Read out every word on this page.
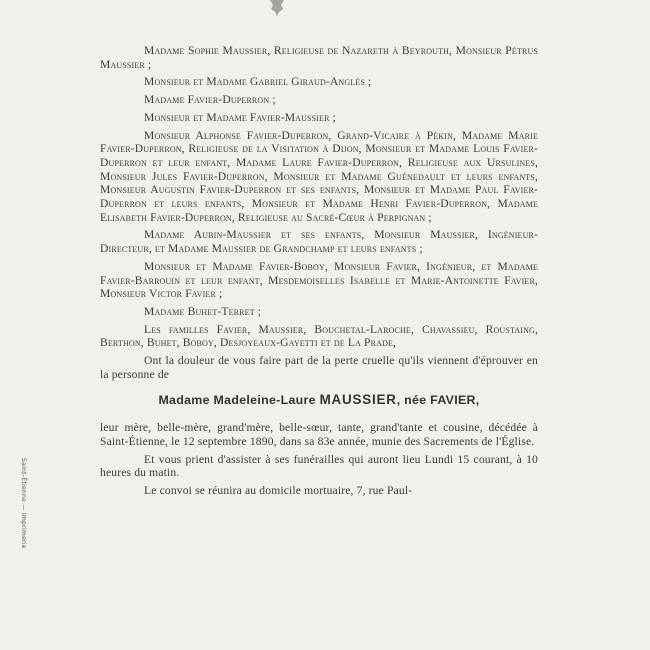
Madame Sophie Maussier, Religieuse de Nazareth à Beyrouth, Monsieur Pétrus Maussier ;

Monsieur et Madame Gabriel Giraud-Anglès ;

Madame Favier-Duperron ;

Monsieur et Madame Favier-Maussier ;

Monsieur Alphonse Favier-Duperron, Grand-Vicaire à Pékin, Madame Marie Favier-Duperron, Religieuse de la Visitation à Dijon, Monsieur et Madame Louis Favier-Duperron et leur enfant, Madame Laure Favier-Duperron, Religieuse aux Ursulines, Monsieur Jules Favier-Duperron, Monsieur et Madame Guénedault et leurs enfants, Monsieur Augustin Favier-Duperron et ses enfants, Monsieur et Madame Paul Favier-Duperron et leurs enfants, Monsieur et Madame Henri Favier-Duperron, Madame Elisabeth Favier-Duperron, Religieuse au Sacré-Cœur à Perpignan ;

Madame Aubin-Maussier et ses enfants, Monsieur Maussier, Ingénieur-Directeur, et Madame Maussier de Grandchamp et leurs enfants ;

Monsieur et Madame Favier-Boboy, Monsieur Favier, Ingénieur, et Madame Favier-Barrouin et leur enfant, Mesdemoiselles Isabelle et Marie-Antoinette Favier, Monsieur Victor Favier ;

Madame Buhet-Terret ;

Les familles Favier, Maussier, Bouchetal-Laroche, Chavassieu, Roustaing, Berthon, Buhet, Boboy, Desjoyeaux-Gayetti et de La Prade,

Ont la douleur de vous faire part de la perte cruelle qu'ils viennent d'éprouver en la personne de

Madame Madeleine-Laure MAUSSIER, née FAVIER,

leur mère, belle-mère, grand'mère, belle-sœur, tante, grand'tante et cousine, décédée à Saint-Étienne, le 12 septembre 1890, dans sa 83e année, munie des Sacrements de l'Église.

Et vous prient d'assister à ses funérailles qui auront lieu Lundi 15 courant, à 10 heures du matin.

Le convoi se réunira au domicile mortuaire, 7, rue Paul-

Saint-Étienne — Imprimerie
